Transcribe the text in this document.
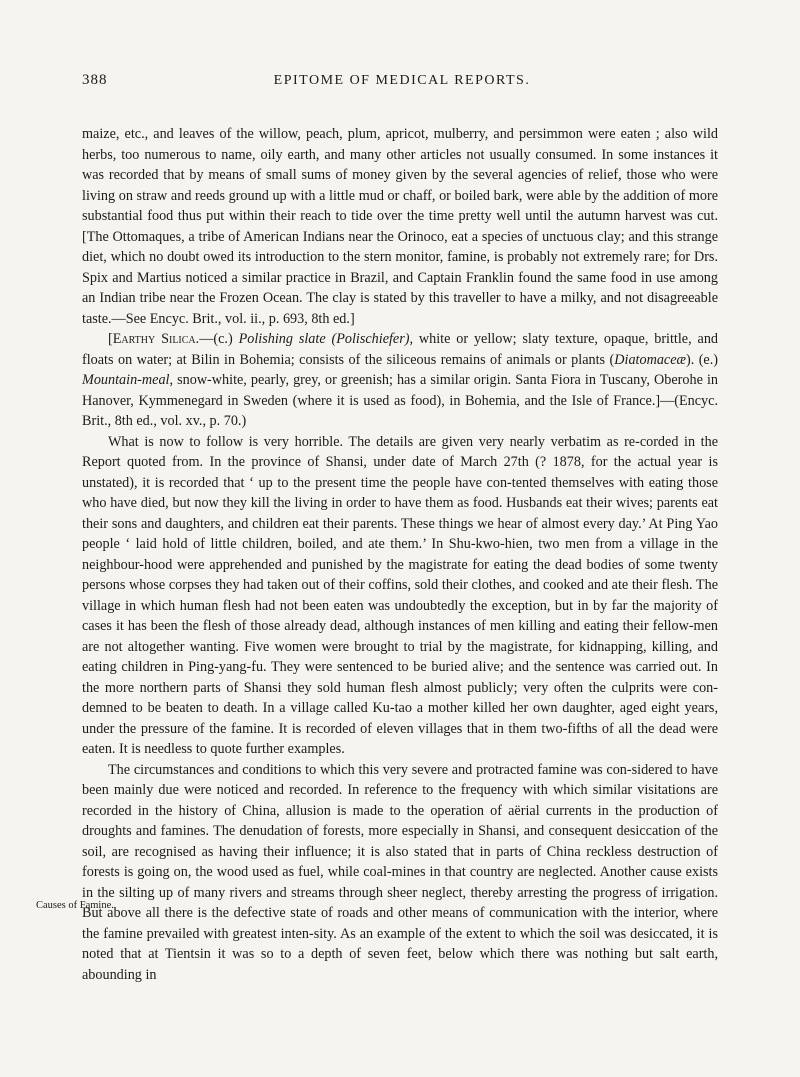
388	EPITOME OF MEDICAL REPORTS.

maize, etc., and leaves of the willow, peach, plum, apricot, mulberry, and persimmon were eaten ; also wild herbs, too numerous to name, oily earth, and many other articles not usually consumed. In some instances it was recorded that by means of small sums of money given by the several agencies of relief, those who were living on straw and reeds ground up with a little mud or chaff, or boiled bark, were able by the addition of more substantial food thus put within their reach to tide over the time pretty well until the autumn harvest was cut. [The Ottomaques, a tribe of American Indians near the Orinoco, eat a species of unctuous clay; and this strange diet, which no doubt owed its introduction to the stern monitor, famine, is probably not extremely rare; for Drs. Spix and Martius noticed a similar practice in Brazil, and Captain Franklin found the same food in use among an Indian tribe near the Frozen Ocean. The clay is stated by this traveller to have a milky, and not disagreeable taste.—See Encyc. Brit., vol. ii., p. 693, 8th ed.]

[Earthy Silica.—(c.) Polishing slate (Polischiefer), white or yellow; slaty texture, opaque, brittle, and floats on water; at Bilin in Bohemia; consists of the siliceous remains of animals or plants (Diatomaceæ). (e.) Mountain-meal, snow-white, pearly, grey, or greenish; has a similar origin. Santa Fiora in Tuscany, Oberohe in Hanover, Kymmenegard in Sweden (where it is used as food), in Bohemia, and the Isle of France.]—(Encyc. Brit., 8th ed., vol. xv., p. 70.)

What is now to follow is very horrible. The details are given very nearly verbatim as re-corded in the Report quoted from. In the province of Shansi, under date of March 27th (? 1878, for the actual year is unstated), it is recorded that ‘ up to the present time the people have con-tented themselves with eating those who have died, but now they kill the living in order to have them as food. Husbands eat their wives; parents eat their sons and daughters, and children eat their parents. These things we hear of almost every day.’ At Ping Yao people ‘ laid hold of little children, boiled, and ate them.’ In Shu-kwo-hien, two men from a village in the neighbour-hood were apprehended and punished by the magistrate for eating the dead bodies of some twenty persons whose corpses they had taken out of their coffins, sold their clothes, and cooked and ate their flesh. The village in which human flesh had not been eaten was undoubtedly the exception, but in by far the majority of cases it has been the flesh of those already dead, although instances of men killing and eating their fellow-men are not altogether wanting. Five women were brought to trial by the magistrate, for kidnapping, killing, and eating children in Ping-yang-fu. They were sentenced to be buried alive; and the sentence was carried out. In the more northern parts of Shansi they sold human flesh almost publicly; very often the culprits were con-demned to be beaten to death. In a village called Ku-tao a mother killed her own daughter, aged eight years, under the pressure of the famine. It is recorded of eleven villages that in them two-fifths of all the dead were eaten. It is needless to quote further examples.

The circumstances and conditions to which this very severe and protracted famine was con-sidered to have been mainly due were noticed and recorded. In reference to the frequency with which similar visitations are recorded in the history of China, allusion is made to the operation of aërial currents in the production of droughts and famines. The denudation of forests, more especially in Shansi, and consequent desiccation of the soil, are recognised as having their influence; it is also stated that in parts of China reckless destruction of forests is going on, the wood used as fuel, while coal-mines in that country are neglected. Another cause exists in the silting up of many rivers and streams through sheer neglect, thereby arresting the progress of irrigation. But above all there is the defective state of roads and other means of communication with the interior, where the famine prevailed with greatest inten-sity. As an example of the extent to which the soil was desiccated, it is noted that at Tientsin it was so to a depth of seven feet, below which there was nothing but salt earth, abounding in

Causes of Famine.
